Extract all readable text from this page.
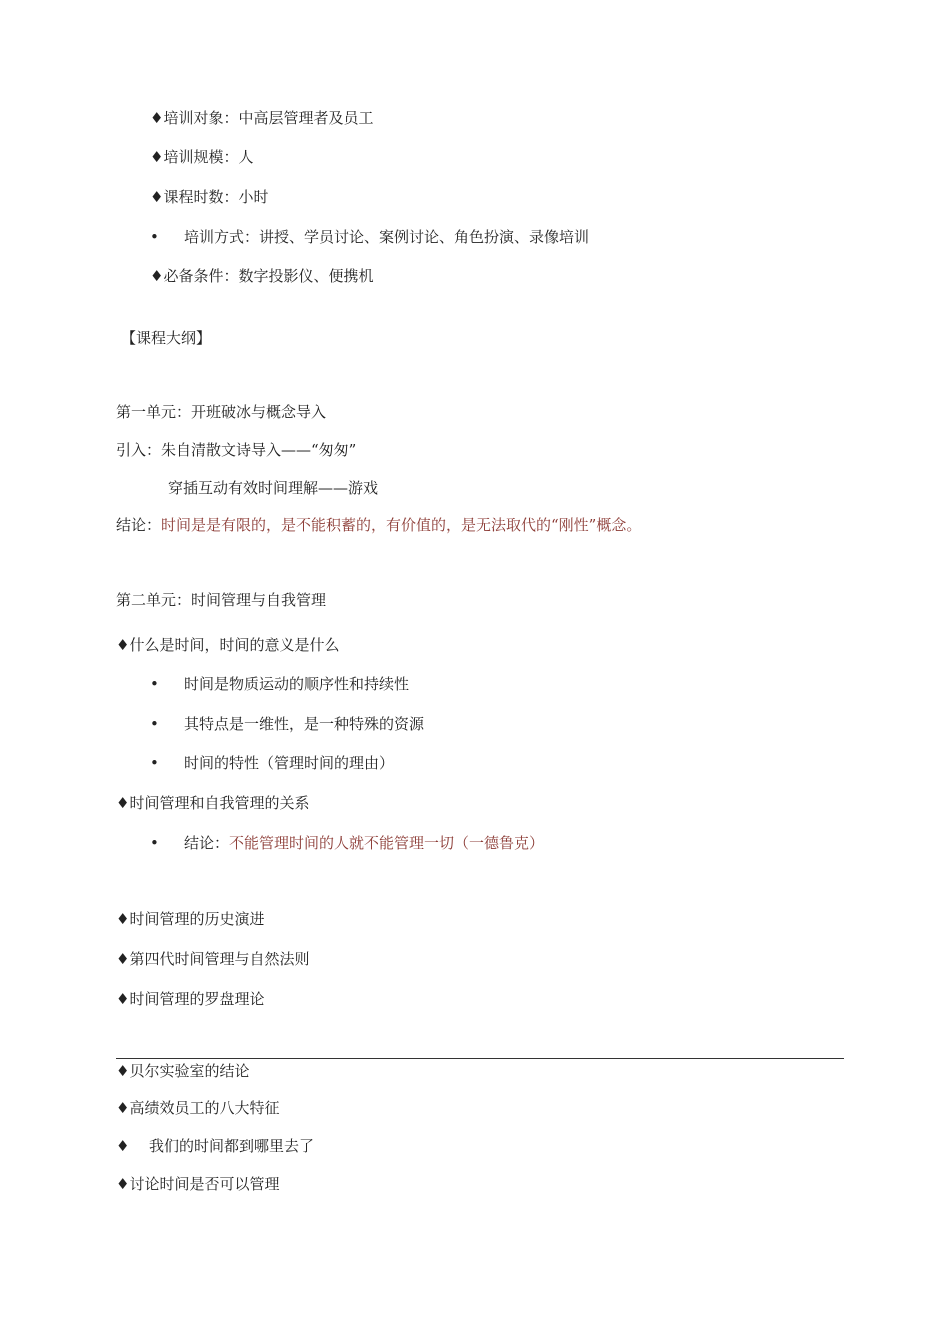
♦培训对象：中高层管理者及员工
♦培训规模：人
♦课程时数：小时
• 培训方式：讲授、学员讨论、案例讨论、角色扮演、录像培训
♦必备条件：数字投影仪、便携机
【课程大纲】
第一单元：开班破冰与概念导入
引入：朱自清散文诗导入——“匆匆”
穿插互动有效时间理解——游戏
结论：时间是是有限的，是不能积蓄的，有价值的，是无法取代的“刚性”概念。
第二单元：时间管理与自我管理
♦什么是时间，时间的意义是什么
• 时间是物质运动的顺序性和持续性
• 其特点是一维性，是一种特殊的资源
• 时间的特性（管理时间的理由）
♦时间管理和自我管理的关系
• 结论：不能管理时间的人就不能管理一切（一德鲁克）
♦时间管理的历史演进
♦第四代时间管理与自然法则
♦时间管理的罗盘理论
♦贝尔实验室的结论
♦高绩效员工的八大特征
♦ 我们的时间都到哪里去了
♦讨论时间是否可以管理
